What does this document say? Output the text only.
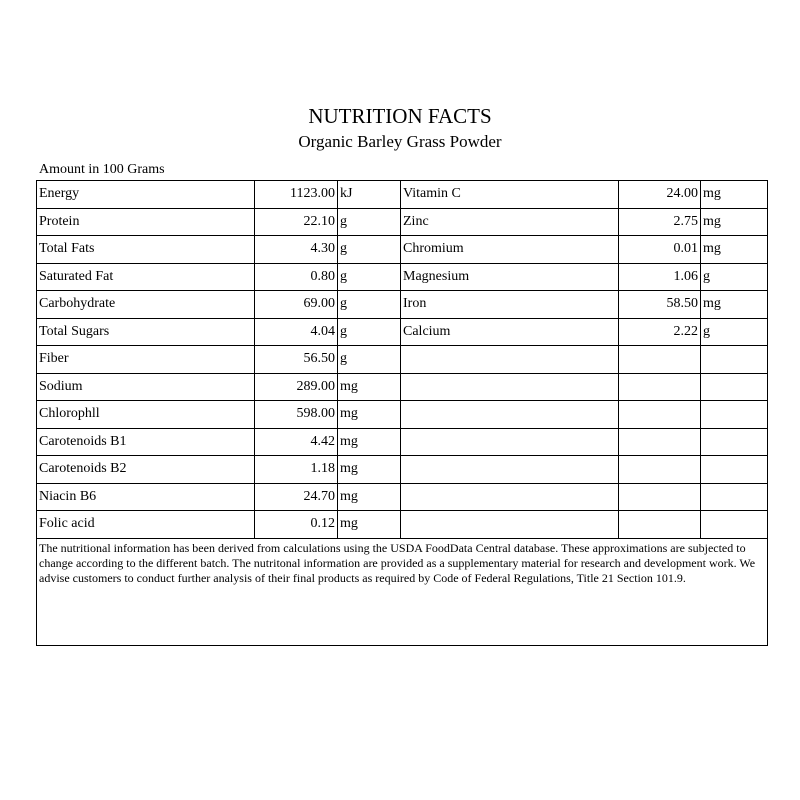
NUTRITION FACTS
Organic Barley Grass Powder
Amount in 100 Grams
Energy	1123.00	kJ	Vitamin C	24.00	mg
Protein	22.10	g	Zinc	2.75	mg
Total Fats	4.30	g	Chromium	0.01	mg
Saturated Fat	0.80	g	Magnesium	1.06	g
Carbohydrate	69.00	g	Iron	58.50	mg
Total Sugars	4.04	g	Calcium	2.22	g
Fiber	56.50	g			
Sodium	289.00	mg			
Chlorophll	598.00	mg			
Carotenoids B1	4.42	mg			
Carotenoids B2	1.18	mg			
Niacin B6	24.70	mg			
Folic acid	0.12	mg			
The nutritional information has been derived from calculations using the USDA FoodData Central database. These approximations are subjected to change according to the different batch. The nutritonal information are provided as a supplementary material for research and development work. We advise customers to conduct further analysis of their final products as required by Code of Federal Regulations, Title 21 Section 101.9.					
